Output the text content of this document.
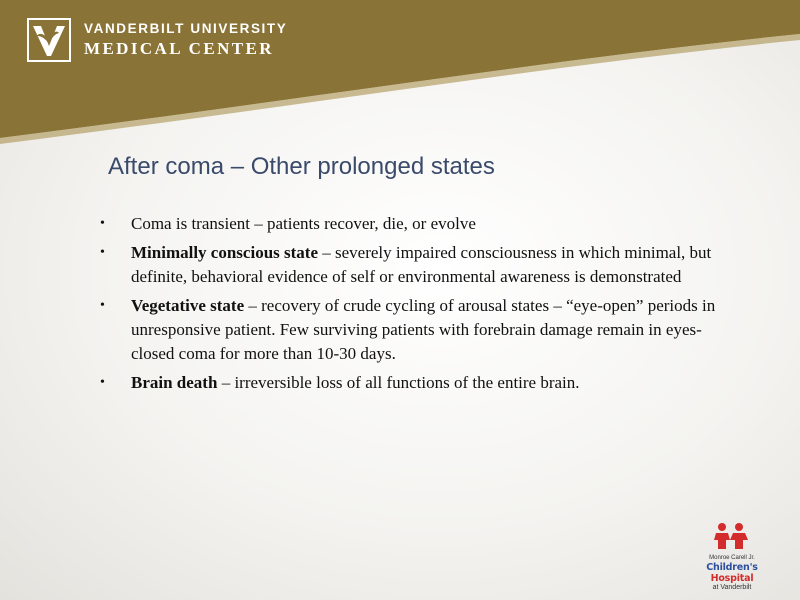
VANDERBILT UNIVERSITY
MEDICAL CENTER
After coma – Other prolonged states
• Coma is transient – patients recover, die, or evolve
• Minimally conscious state – severely impaired consciousness in which minimal, but definite, behavioral evidence of self or environmental awareness is demonstrated
• Vegetative state – recovery of crude cycling of arousal states – “eye-open” periods in unresponsive patient. Few surviving patients with forebrain damage remain in eyes-closed coma for more than 10-30 days.
• Brain death – irreversible loss of all functions of the entire brain.
Monroe Carell Jr.
Children's Hospital
at Vanderbilt
